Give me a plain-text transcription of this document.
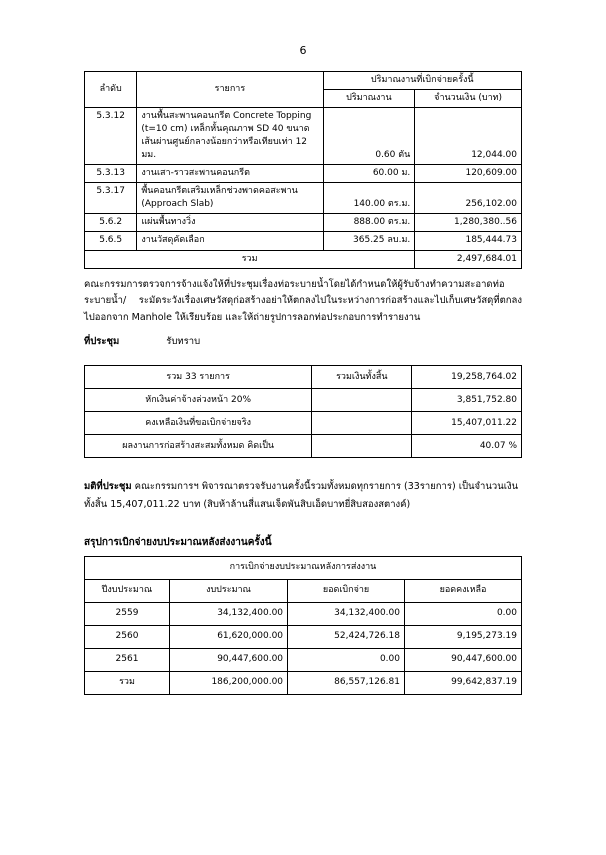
6
ลำดับ	รายการ	ปริมาณงานที่เบิกจ่ายครั้งนี้	
		ปริมาณงาน	จำนวนเงิน (บาท)
5.3.12	งานพื้นสะพานคอนกรีต Concrete Topping (t=10 cm) เหล็กหั้นคุณภาพ SD 40 ขนาดเส้นผ่านศูนย์กลางน้อยกว่าหรือเทียบเท่า 12 มม.	0.60 ตัน	12,044.00
5.3.13	งานเสา-ราวสะพานคอนกรีต	60.00 ม.	120,609.00
5.3.17	พื้นคอนกรีตเสริมเหล็กช่วงพาดคอสะพาน (Approach Slab)	140.00 ตร.ม.	256,102.00
5.6.2	แผ่นพื้นทางวิ่ง	888.00 ตร.ม.	1,280,380..56
5.6.5	งานวัสดุคัดเลือก	365.25 ลบ.ม.	185,444.73
รวม			2,497,684.01
คณะกรรมการตรวจการจ้างแจ้งให้ที่ประชุมเรื่องท่อระบายน้ำโดยได้กำหนดให้ผู้รับจ้างทำความสะอาดท่อระบายน้ำ/ ระมัดระวังเรื่องเศษวัสดุก่อสร้างอย่าให้ตกลงไปในระหว่างการก่อสร้างและไปเก็บเศษวัสดุที่ตกลงไปออกจาก Manhole ให้เรียบร้อย และให้ถ่ายรูปการลอกท่อประกอบการทำรายงาน
ที่ประชุม	รับทราบ
รวม 33 รายการ	รวมเงินทั้งสิ้น	19,258,764.02
หักเงินค่าจ้างล่วงหน้า 20%		3,851,752.80
คงเหลือเงินที่ขอเบิกจ่ายจริง		15,407,011.22
ผลงานการก่อสร้างสะสมทั้งหมด คิดเป็น		40.07 %
มติที่ประชุม คณะกรรมการฯ พิจารณาตรวจรับงานครั้งนี้รวมทั้งหมดทุกรายการ (33รายการ) เป็นจำนวนเงินทั้งสิ้น 15,407,011.22 บาท (สิบห้าล้านสี่แสนเจ็ดพันสิบเอ็ดบาทยี่สิบสองสตางค์)
สรุปการเบิกจ่ายงบประมาณหลังส่งงานครั้งนี้
การเบิกจ่ายงบประมาณหลังการส่งงาน			
ปีงบประมาณ	งบประมาณ	ยอดเบิกจ่าย	ยอดคงเหลือ
2559	34,132,400.00	34,132,400.00	0.00
2560	61,620,000.00	52,424,726.18	9,195,273.19
2561	90,447,600.00	0.00	90,447,600.00
รวม	186,200,000.00	86,557,126.81	99,642,837.19
